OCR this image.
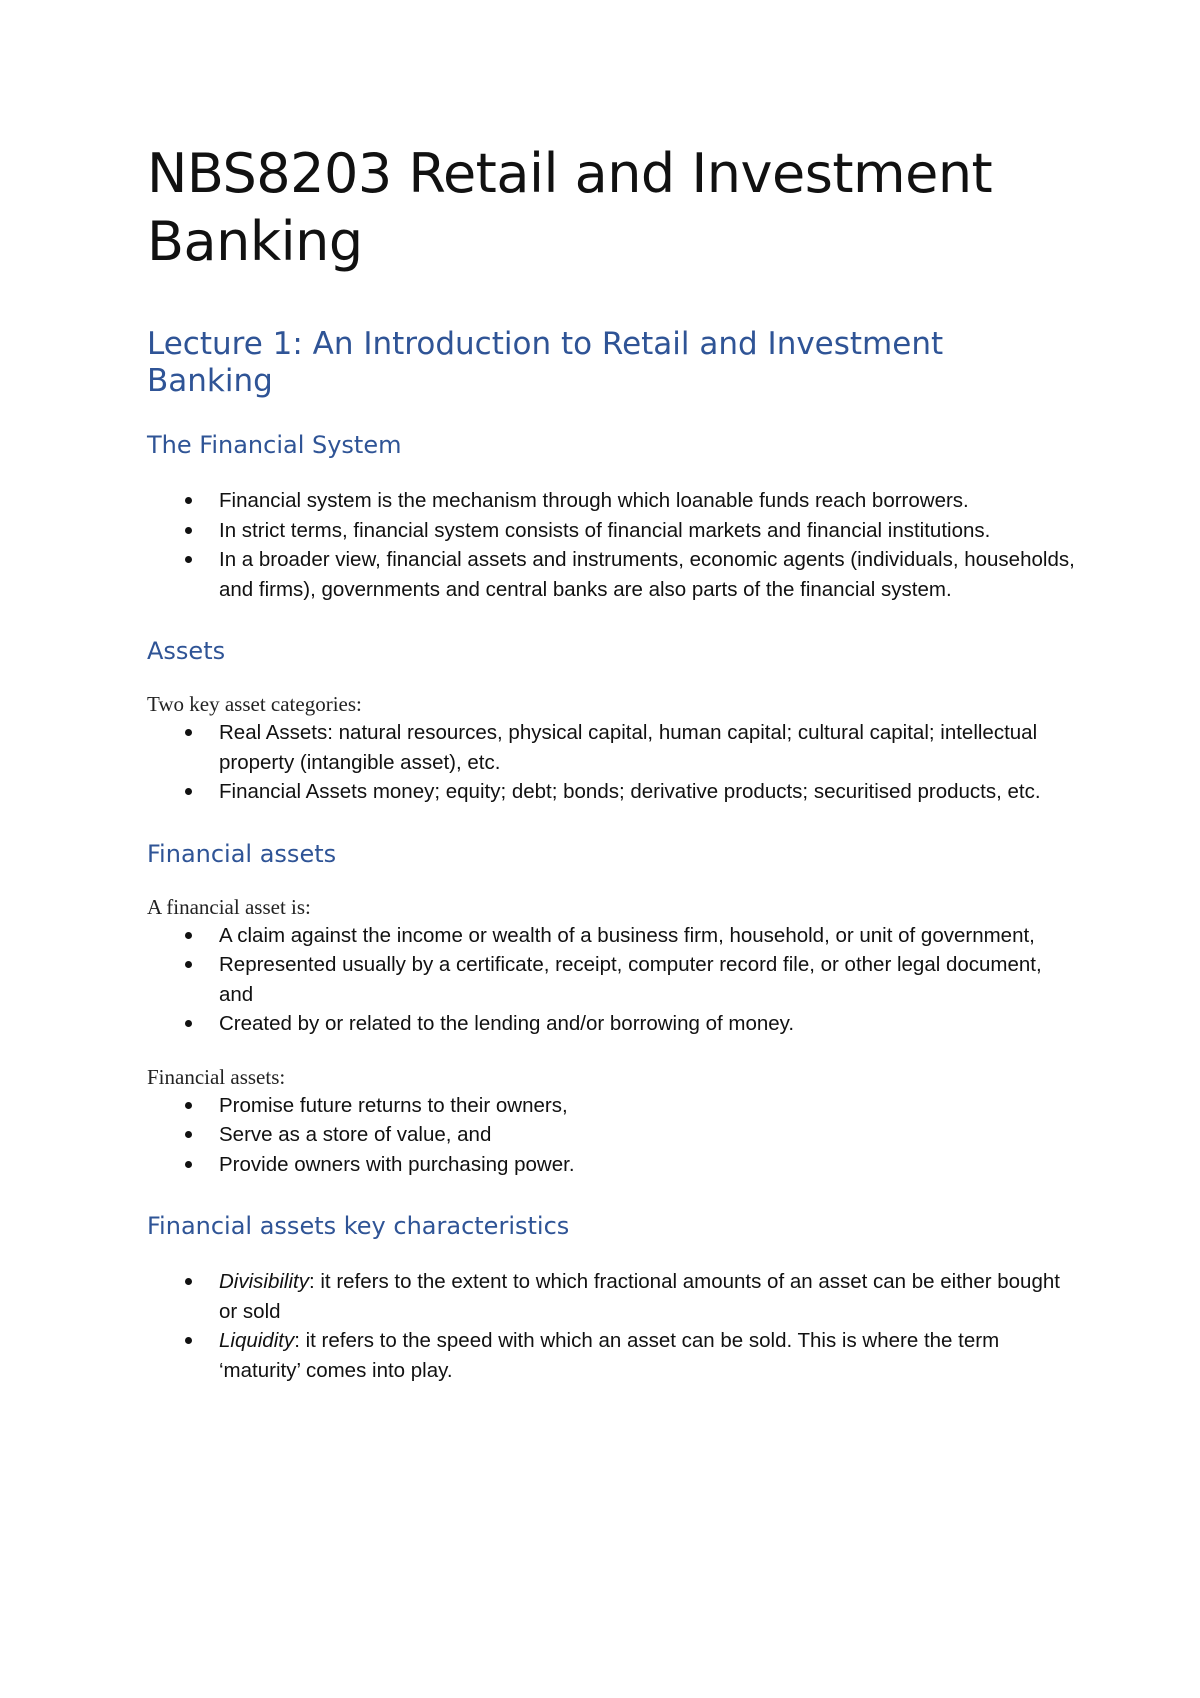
NBS8203 Retail and Investment Banking
Lecture 1: An Introduction to Retail and Investment Banking
The Financial System
Financial system is the mechanism through which loanable funds reach borrowers.
In strict terms, financial system consists of financial markets and financial institutions.
In a broader view, financial assets and instruments, economic agents (individuals, households, and firms), governments and central banks are also parts of the financial system.
Assets

Two key asset categories:

Real Assets: natural resources, physical capital, human capital; cultural capital; intellectual property (intangible asset), etc.
Financial Assets money; equity; debt; bonds; derivative products; securitised products, etc.
Financial assets

A financial asset is:

A claim against the income or wealth of a business firm, household, or unit of government,
Represented usually by a certificate, receipt, computer record file, or other legal document, and
Created by or related to the lending and/or borrowing of money.

Financial assets:

Promise future returns to their owners,
Serve as a store of value, and
Provide owners with purchasing power.
Financial assets key characteristics
Divisibility: it refers to the extent to which fractional amounts of an asset can be either bought or sold
Liquidity: it refers to the speed with which an asset can be sold. This is where the term ‘maturity’ comes into play.
